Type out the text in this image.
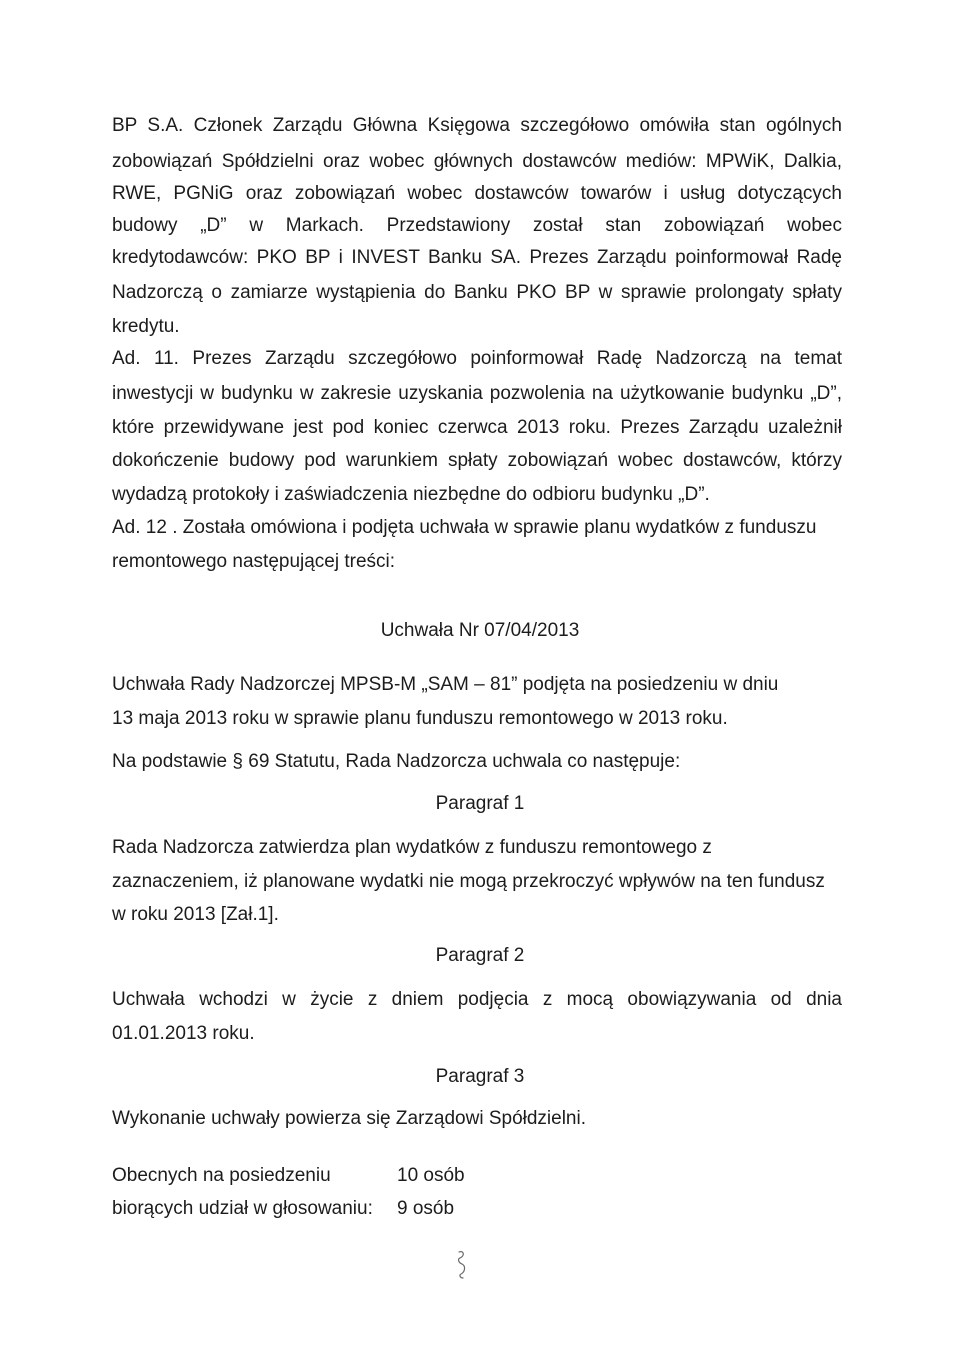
BP S.A. Członek Zarządu Główna Księgowa szczegółowo omówiła stan ogólnych
zobowiązań Spółdzielni oraz wobec głównych dostawców mediów: MPWiK, Dalkia,
RWE, PGNiG oraz zobowiązań wobec dostawców towarów i usług dotyczących
budowy „D” w Markach. Przedstawiony został stan zobowiązań wobec
kredytodawców: PKO BP i INVEST Banku SA. Prezes Zarządu poinformował Radę
Nadzorczą o zamiarze wystąpienia do Banku PKO BP w sprawie prolongaty spłaty
kredytu.
Ad. 11. Prezes Zarządu szczegółowo poinformował Radę Nadzorczą na temat
inwestycji w budynku w zakresie uzyskania pozwolenia na użytkowanie budynku „D”,
które przewidywane jest pod koniec czerwca 2013 roku. Prezes Zarządu uzależnił
dokończenie budowy pod warunkiem spłaty zobowiązań wobec dostawców, którzy
wydadzą protokoły i zaświadczenia niezbędne do odbioru budynku „D”.
Ad. 12 . Została omówiona i podjęta uchwała w sprawie planu wydatków z funduszu
remontowego następującej treści:
Uchwała Nr 07/04/2013
Uchwała Rady Nadzorczej MPSB-M „SAM – 81” podjęta na posiedzeniu w dniu
13 maja 2013 roku w sprawie planu funduszu remontowego w 2013 roku.
Na podstawie § 69 Statutu, Rada Nadzorcza uchwala co następuje:
Paragraf 1
Rada Nadzorcza zatwierdza plan wydatków z funduszu remontowego z
zaznaczeniem, iż planowane wydatki nie mogą przekroczyć wpływów na ten fundusz
w roku 2013 [Zał.1].
Paragraf 2
Uchwała wchodzi w życie z dniem podjęcia z mocą obowiązywania od dnia
01.01.2013 roku.
Paragraf 3
Wykonanie uchwały powierza się Zarządowi Spółdzielni.
Obecnych na posiedzeniu	10 osób
biorących udział w głosowaniu: 9 osób
